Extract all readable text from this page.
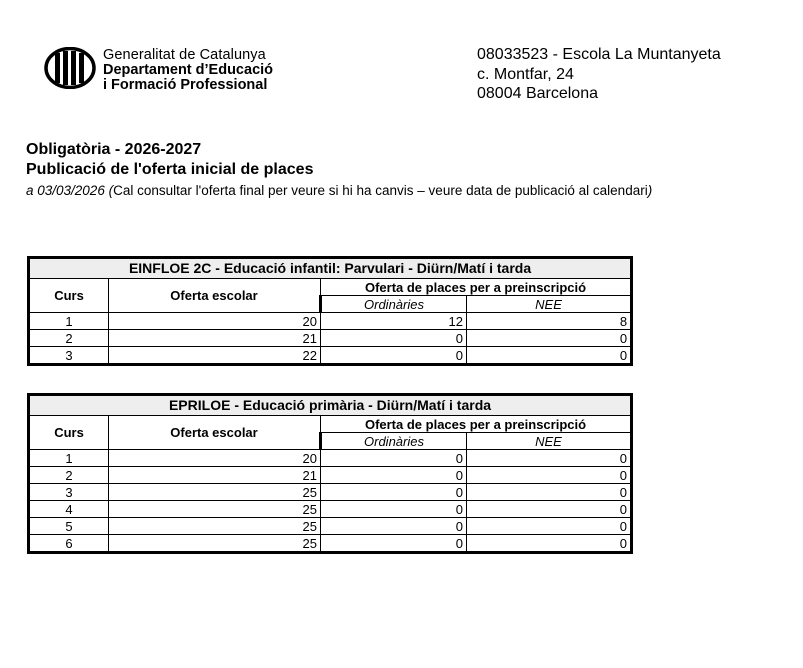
Generalitat de Catalunya
Departament d’Educació
i Formació Professional
08033523 - Escola La Muntanyeta
c. Montfar, 24
08004 Barcelona
Obligatòria - 2026-2027
Publicació de l'oferta inicial de places
a 03/03/2026 (Cal consultar l'oferta final per veure si hi ha canvis – veure data de publicació al calendari)
EINFLOE 2C - Educació infantil: Parvulari - Diürn/Matí i tarda			
Curs	Oferta escolar	Oferta de places per a preinscripció	
		Ordinàries	NEE
1	20	12	8
2	21	0	0
3	22	0	0
EPRILOE - Educació primària - Diürn/Matí i tarda			
Curs	Oferta escolar	Oferta de places per a preinscripció	
		Ordinàries	NEE
1	20	0	0
2	21	0	0
3	25	0	0
4	25	0	0
5	25	0	0
6	25	0	0
